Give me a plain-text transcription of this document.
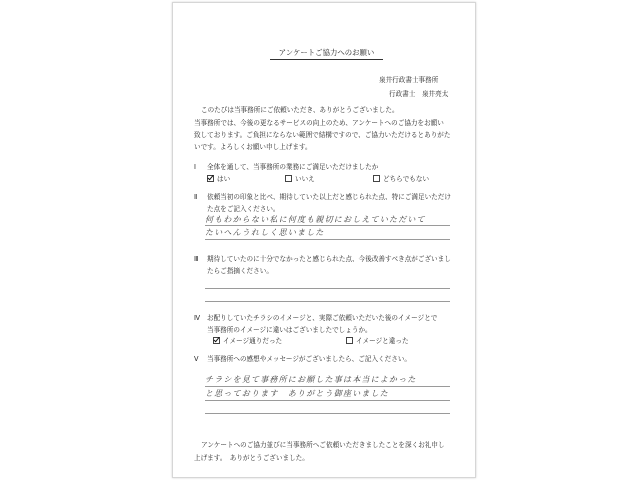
アンケートご協力へのお願い
泉井行政書士事務所
行政書士　泉井亮太
このたびは当事務所にご依頼いただき、ありがとうございました。
当事務所では、今後の更なるサービスの向上のため、アンケートへのご協力をお願い
致しております。ご負担にならない範囲で結構ですので、ご協力いただけるとありがた
いです。よろしくお願い申し上げます。
Ⅰ 全体を通して、当事務所の業務にご満足いただけましたか
はい	いいえ	どちらでもない
Ⅱ 依頼当初の印象と比べ、期待していた以上だと感じられた点、特にご満足いただけ
た点をご記入ください。
何もわからない私に何度も親切におしえていただいて
たいへんうれしく思いました
Ⅲ 期待していたのに十分でなかったと感じられた点、今後改善すべき点がございまし
たらご指摘ください。
Ⅳ お配りしていたチラシのイメージと、実際ご依頼いただいた後のイメージとで
当事務所のイメージに違いはございましたでしょうか。
イメージ通りだった	イメージと違った
Ⅴ 当事務所への感想やメッセージがございましたら、ご記入ください。
チラシを見て事務所にお願した事は本当によかった
と思っております　ありがとう御座いました
アンケートへのご協力並びに当事務所へご依頼いただきましたことを深くお礼申し
上げます。　ありがとうございました。
